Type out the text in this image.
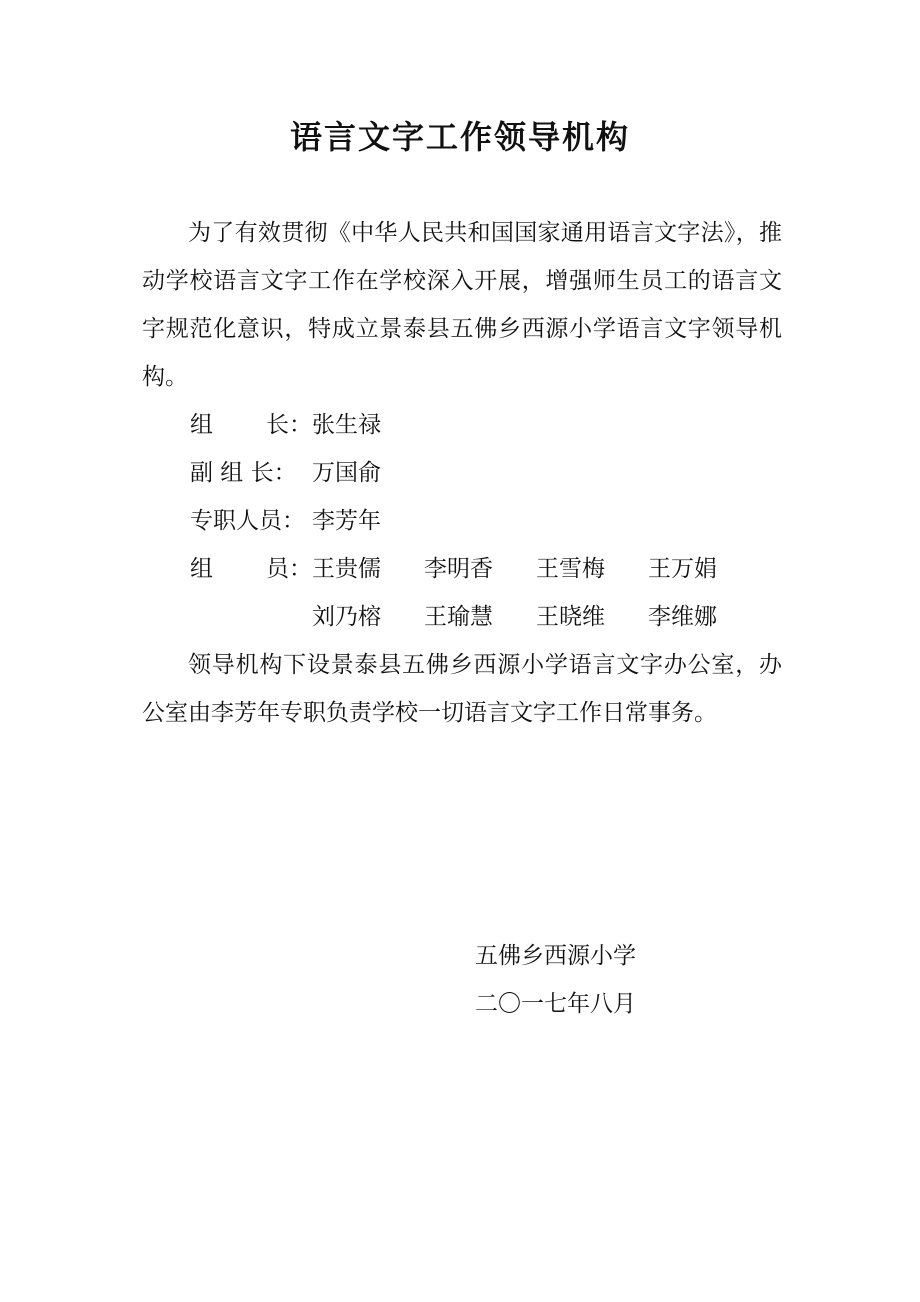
语言文字工作领导机构

为了有效贯彻《中华人民共和国国家通用语言文字法》，推动学校语言文字工作在学校深入开展，增强师生员工的语言文字规范化意识，特成立景泰县五佛乡西源小学语言文字领导机构。

组 长： 张生禄
副 组 长： 万国俞
专职人员： 李芳年
组 员： 王贵儒 李明香 王雪梅 王万娟
刘乃榕 王瑜慧 王晓维 李维娜

领导机构下设景泰县五佛乡西源小学语言文字办公室，办公室由李芳年专职负责学校一切语言文字工作日常事务。

五佛乡西源小学
二〇一七年八月
